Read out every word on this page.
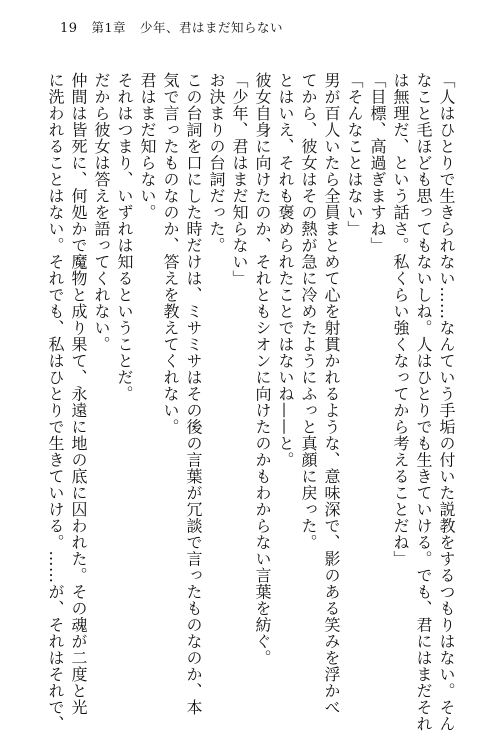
19 第1章 少年、君はまだ知らない
「人はひとりで生きられない……なんていう手垢の付いた説教をするつもりはない。そん
なこと毛ほども思ってもないしね。人はひとりでも生きていける。でも、君にはまだそれ
は無理だ、という話さ。私くらい強くなってから考えることだね」
「目標、高過ぎますね」
「そんなことはない」
男が百人いたら全員まとめて心を射貫かれるような、意味深で、影のある笑みを浮かべ
てから、彼女はその熱が急に冷めたようにふっと真顔に戻った。
とはいえ、それも褒められたことではないね——と。
彼女自身に向けたのか、それともシオンに向けたのかもわからない言葉を紡ぐ。
「少年、君はまだ知らない」
お決まりの台詞だった。
この台詞を口にした時だけは、ミサミサはその後の言葉が冗談で言ったものなのか、本
気で言ったものなのか、答えを教えてくれない。
君はまだ知らない。
それはつまり、いずれは知るということだ。
だから彼女は答えを語ってくれない。
仲間は皆死に、何処かで魔物と成り果て、永遠に地の底に囚われた。その魂が二度と光
に洗われることはない。それでも、私はひとりで生きていける。……が、それはそれで、
